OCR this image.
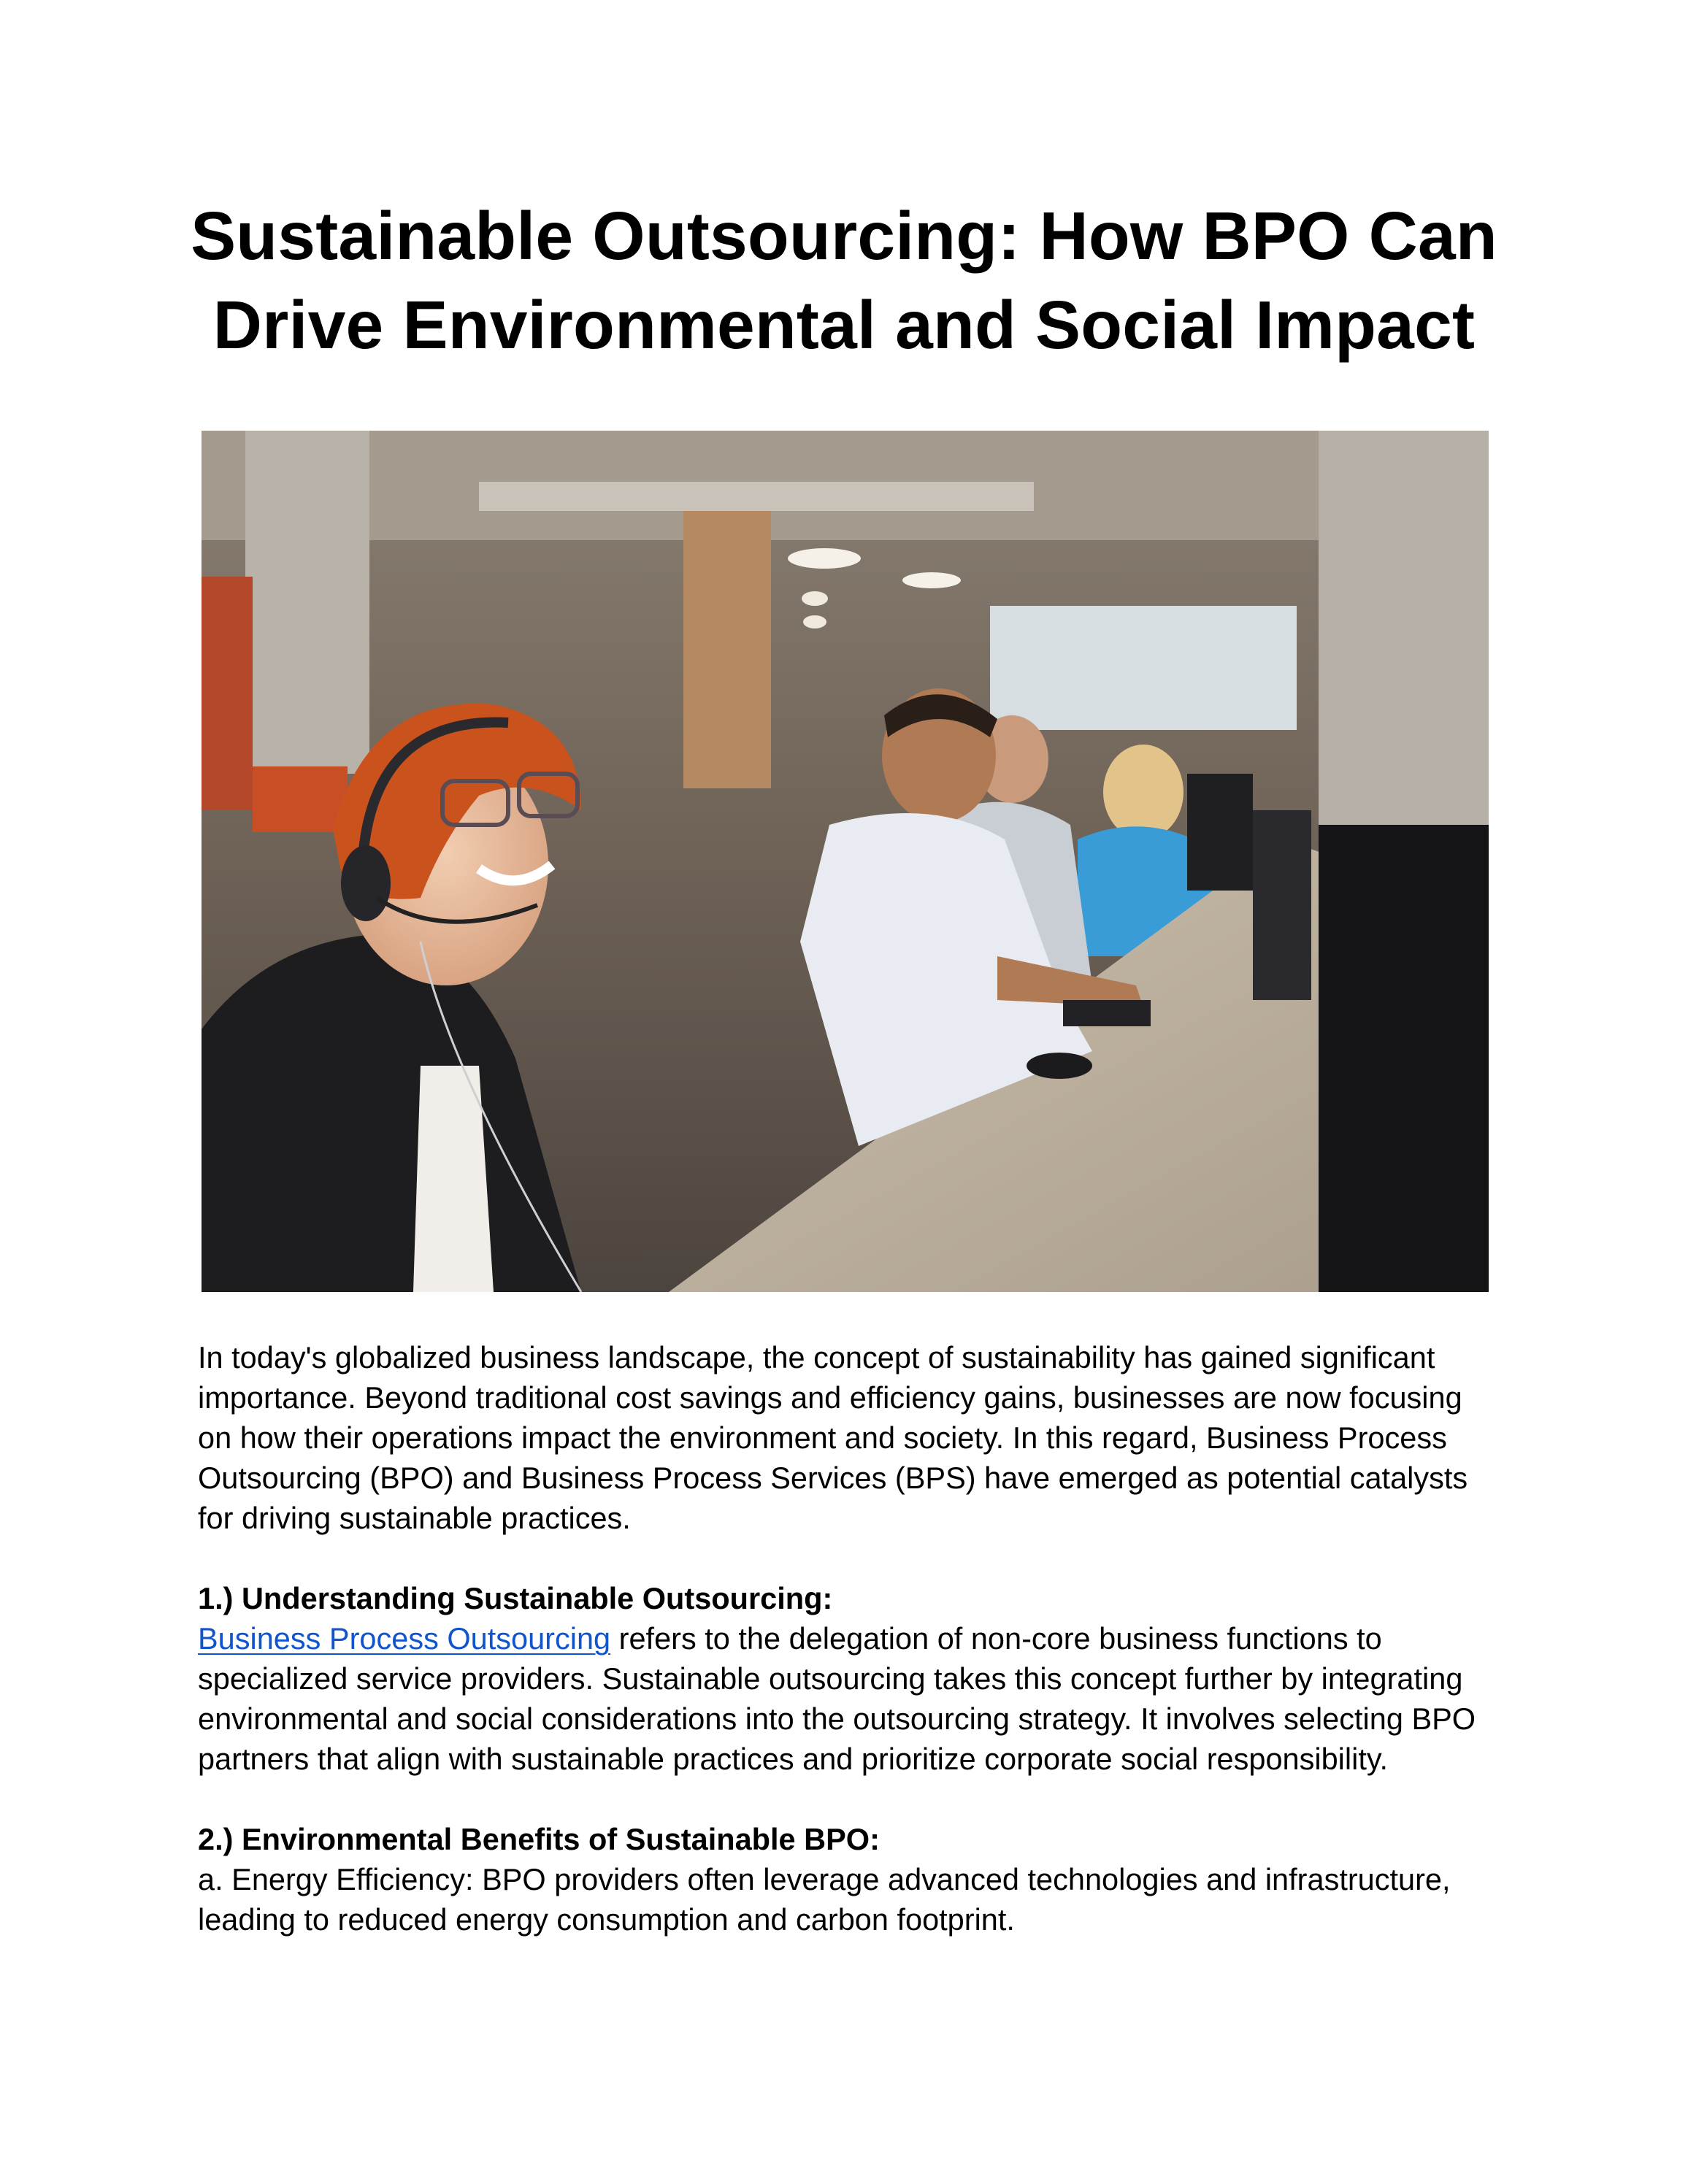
Sustainable Outsourcing: How BPO Can
Drive Environmental and Social Impact

In today's globalized business landscape, the concept of sustainability has gained significant importance. Beyond traditional cost savings and efficiency gains, businesses are now focusing on how their operations impact the environment and society. In this regard, Business Process Outsourcing (BPO) and Business Process Services (BPS) have emerged as potential catalysts for driving sustainable practices.

1.) Understanding Sustainable Outsourcing:

Business Process Outsourcing refers to the delegation of non-core business functions to specialized service providers. Sustainable outsourcing takes this concept further by integrating environmental and social considerations into the outsourcing strategy. It involves selecting BPO partners that align with sustainable practices and prioritize corporate social responsibility.

2.) Environmental Benefits of Sustainable BPO:

a. Energy Efficiency: BPO providers often leverage advanced technologies and infrastructure, leading to reduced energy consumption and carbon footprint.
